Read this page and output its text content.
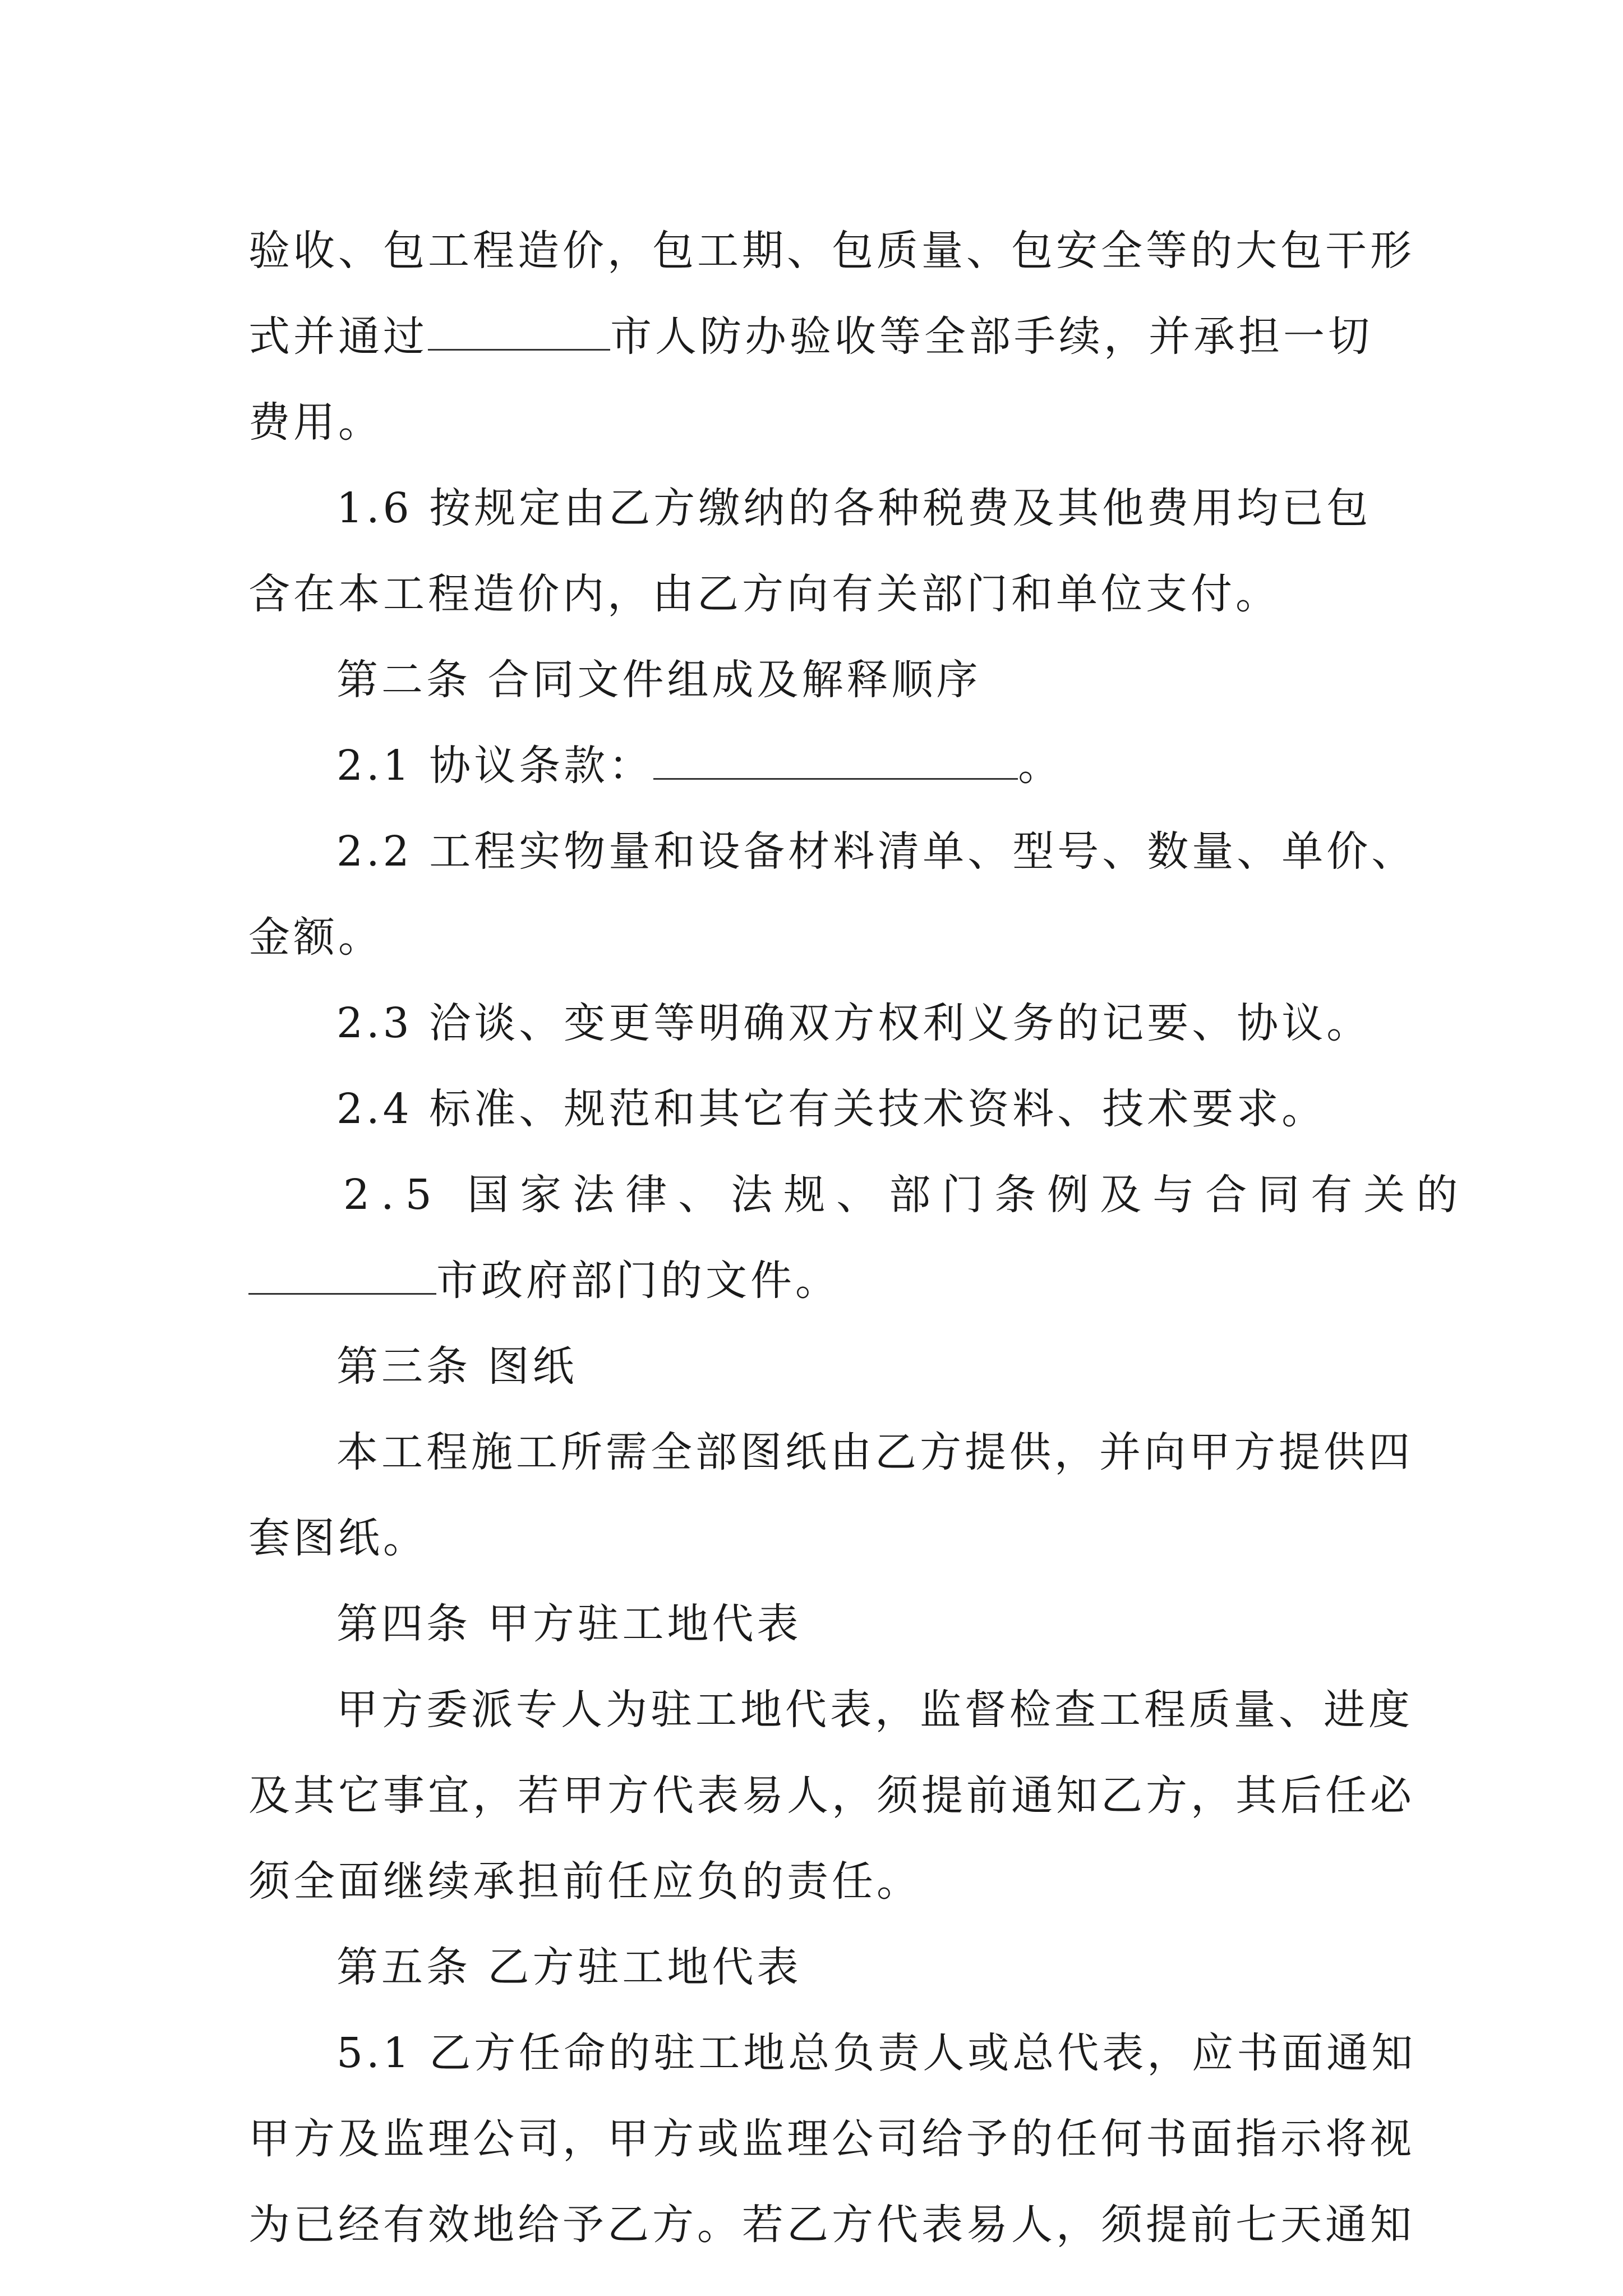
验收、包工程造价，包工期、包质量、包安全等的大包干形
式并通过	市人防办验收等全部手续，并承担一切
费用。
1.6 按规定由乙方缴纳的各种税费及其他费用均已包
含在本工程造价内，由乙方向有关部门和单位支付。
第二条 合同文件组成及解释顺序
2.1 协议条款：	。
2.2 工程实物量和设备材料清单、型号、数量、单价、
金额。
2.3 洽谈、变更等明确双方权利义务的记要、协议。
2.4 标准、规范和其它有关技术资料、技术要求。
2.5 国家法律、法规、部门条例及与合同有关的
市政府部门的文件。
第三条 图纸
本工程施工所需全部图纸由乙方提供，并向甲方提供四
套图纸。
第四条 甲方驻工地代表
甲方委派专人为驻工地代表，监督检查工程质量、进度
及其它事宜，若甲方代表易人，须提前通知乙方，其后任必
须全面继续承担前任应负的责任。
第五条 乙方驻工地代表
5.1 乙方任命的驻工地总负责人或总代表，应书面通知
甲方及监理公司，甲方或监理公司给予的任何书面指示将视
为已经有效地给予乙方。若乙方代表易人，须提前七天通知
